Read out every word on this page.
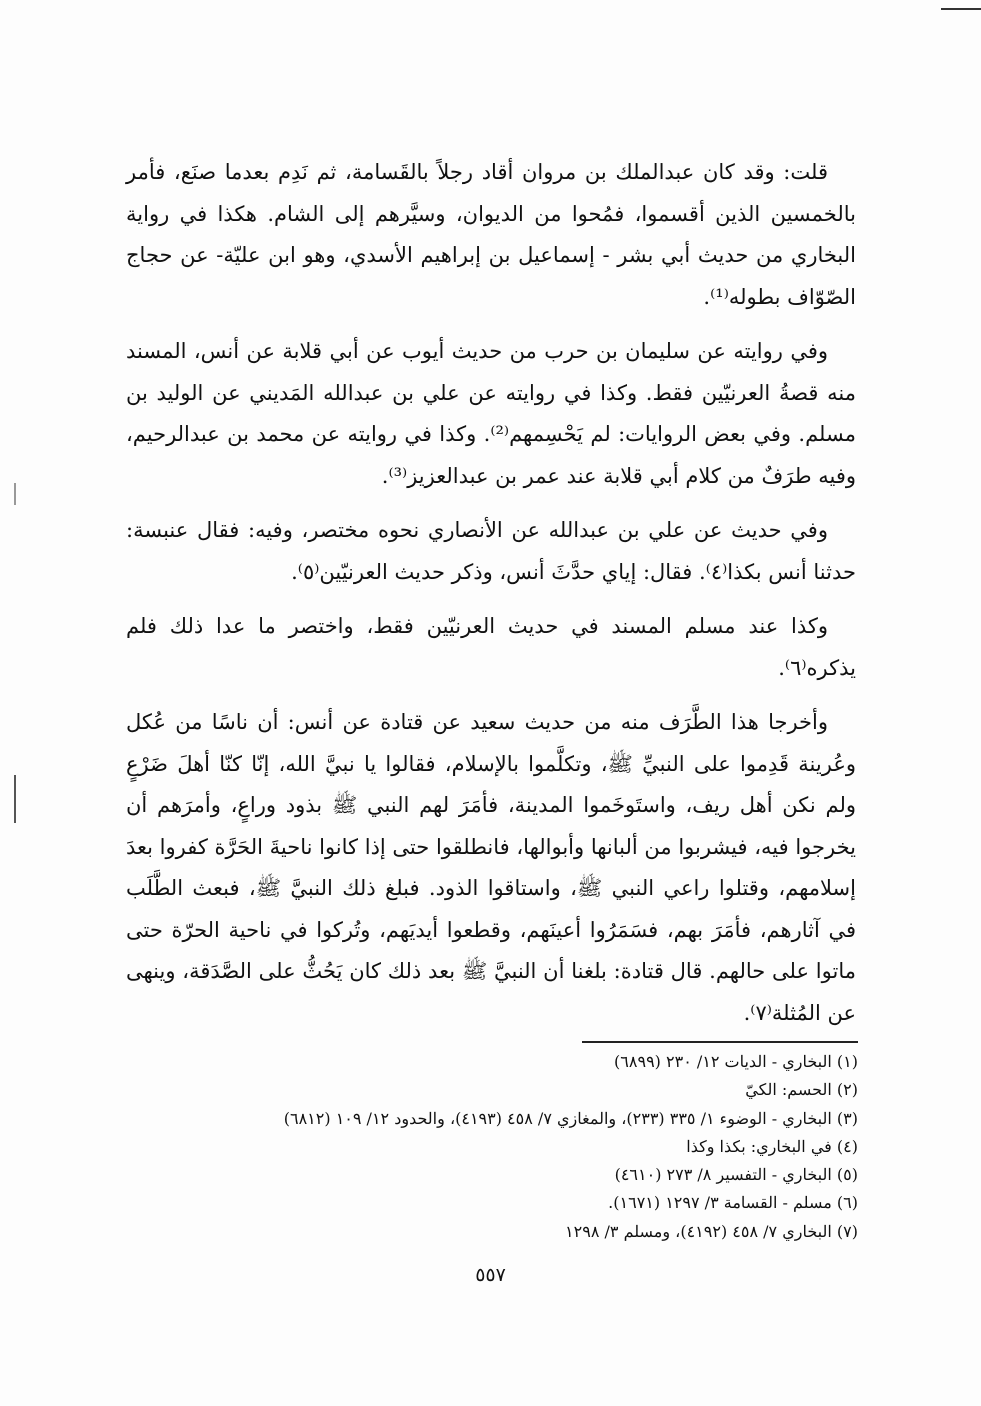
قلت: وقد كان عبدالملك بن مروان أقاد رجلاً بالقَسامة، ثم نَدِم بعدما صنَع، فأمر بالخمسين الذين أقسموا، فمُحوا من الديوان، وسيَّرهم إلى الشام. هكذا في رواية البخاري من حديث أبي بشر - إسماعيل بن إبراهيم الأسدي، وهو ابن عليّة- عن حجاج الصّوّاف بطوله⁽¹⁾.

وفي روايته عن سليمان بن حرب من حديث أيوب عن أبي قلابة عن أنس، المسند منه قصةُ العرنيّين فقط. وكذا في روايته عن علي بن عبدالله المَديني عن الوليد بن مسلم. وفي بعض الروايات: لم يَحْسِمهم⁽²⁾. وكذا في روايته عن محمد بن عبدالرحيم، وفيه طرَفٌ من كلام أبي قلابة عند عمر بن عبدالعزيز⁽³⁾.

وفي حديث عن علي بن عبدالله عن الأنصاري نحوه مختصر، وفيه: فقال عنبسة: حدثنا أنس بكذا⁽٤⁾. فقال: إياي حدَّثَ أنس، وذكر حديث العرنيّين⁽٥⁾.

وكذا عند مسلم المسند في حديث العرنيّين فقط، واختصر ما عدا ذلك فلم يذكره⁽٦⁾.

وأخرجا هذا الطَّرَف منه من حديث سعيد عن قتادة عن أنس: أن ناسًا من عُكل وعُرينة قَدِموا على النبيِّ ﷺ، وتكلَّموا بالإسلام، فقالوا يا نبيَّ الله، إنّا كنّا أهلَ ضَرْعٍ ولم نكن أهل ريف، واستَوخَموا المدينة، فأمَرَ لهم النبي ﷺ بذود وراعٍ، وأمرَهم أن يخرجوا فيه، فيشربوا من ألبانها وأبوالها، فانطلقوا حتى إذا كانوا ناحيةَ الحَرَّة كفروا بعدَ إسلامهم، وقتلوا راعي النبي ﷺ، واستاقوا الذود. فبلغ ذلك النبيَّ ﷺ، فبعث الطَّلَب في آثارهم، فأمَرَ بهم، فسَمَرُوا أعينَهم، وقطعوا أيديَهم، وتُركوا في ناحية الحرّة حتى ماتوا على حالهم. قال قتادة: بلغنا أن النبيَّ ﷺ بعد ذلك كان يَحُثُّ على الصَّدَقة، وينهى عن المُثلة⁽٧⁾.

(١) البخاري - الديات ١٢/ ٢٣٠ (٦٨٩٩)
(٢) الحسم: الكيّ
(٣) البخاري - الوضوء ١/ ٣٣٥ (٢٣٣)، والمغازي ٧/ ٤٥٨ (٤١٩٣)، والحدود ١٢/ ١٠٩ (٦٨١٢)
(٤) في البخاري: بكذا وكذا
(٥) البخاري - التفسير ٨/ ٢٧٣ (٤٦١٠)
(٦) مسلم - القسامة ٣/ ١٢٩٧ (١٦٧١).
(٧) البخاري ٧/ ٤٥٨ (٤١٩٢)، ومسلم ٣/ ١٢٩٨
٥٥٧
